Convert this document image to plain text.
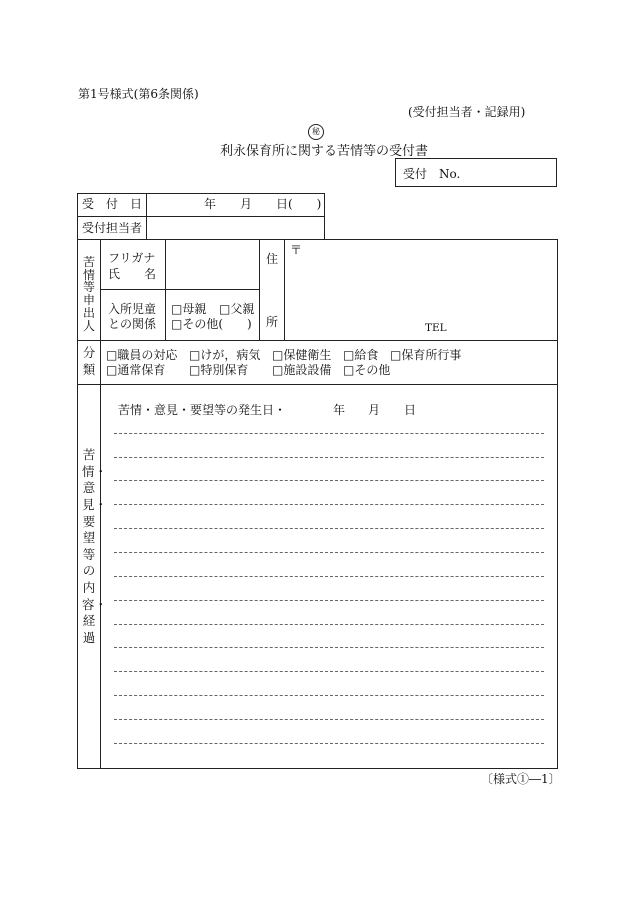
第1号様式(第6条関係)
(受付担当者・記録用)
秘
利永保育所に関する苦情等の受付書
受付　No.
受　付　日	年　　月　　日(　　)
受付担当者
苦情等申出人
フリガナ
氏　　名
入所児童
との関係
□母親 □父親
□その他(　　)
住
所
〒
TEL
分類
□職員の対応 □けが，病気 □保健衛生 □給食 □保育所行事
□通常保育 □特別保育 □施設設備 □その他
苦情・意見・要望等の内容・経過
苦情・意見・要望等の発生日・	年 月 日
〔様式①―1〕
